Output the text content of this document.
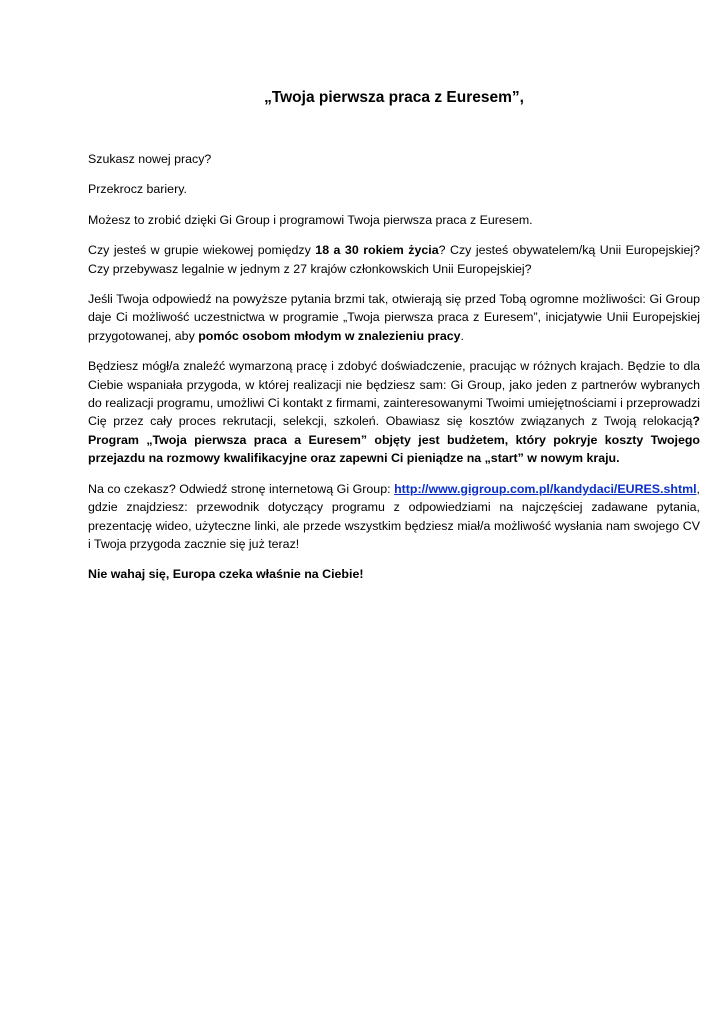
„Twoja pierwsza praca z Euresem”,

Szukasz nowej pracy?

Przekrocz bariery.

Możesz to zrobić dzięki Gi Group i programowi Twoja pierwsza praca z Euresem.

Czy jesteś w grupie wiekowej pomiędzy 18 a 30 rokiem życia? Czy jesteś obywatelem/ką Unii Europejskiej? Czy przebywasz legalnie w jednym z 27 krajów członkowskich Unii Europejskiej?

Jeśli Twoja odpowiedź na powyższe pytania brzmi tak, otwierają się przed Tobą ogromne możliwości: Gi Group daje Ci możliwość uczestnictwa w programie „Twoja pierwsza praca z Euresem”, inicjatywie Unii Europejskiej przygotowanej, aby pomóc osobom młodym w znalezieniu pracy.

Będziesz mógł/a znaleźć wymarzoną pracę i zdobyć doświadczenie, pracując w różnych krajach. Będzie to dla Ciebie wspaniała przygoda, w której realizacji nie będziesz sam: Gi Group, jako jeden z partnerów wybranych do realizacji programu, umożliwi Ci kontakt z firmami, zainteresowanymi Twoimi umiejętnościami i przeprowadzi Cię przez cały proces rekrutacji, selekcji, szkoleń. Obawiasz się kosztów związanych z Twoją relokacją? Program „Twoja pierwsza praca a Euresem” objęty jest budżetem, który pokryje koszty Twojego przejazdu na rozmowy kwalifikacyjne oraz zapewni Ci pieniądze na „start” w nowym kraju.

Na co czekasz? Odwiedź stronę internetową Gi Group: http://www.gigroup.com.pl/kandydaci/EURES.shtml, gdzie znajdziesz: przewodnik dotyczący programu z odpowiedziami na najczęściej zadawane pytania, prezentację wideo, użyteczne linki, ale przede wszystkim będziesz miał/a możliwość wysłania nam swojego CV i Twoja przygoda zacznie się już teraz!

Nie wahaj się, Europa czeka właśnie na Ciebie!
